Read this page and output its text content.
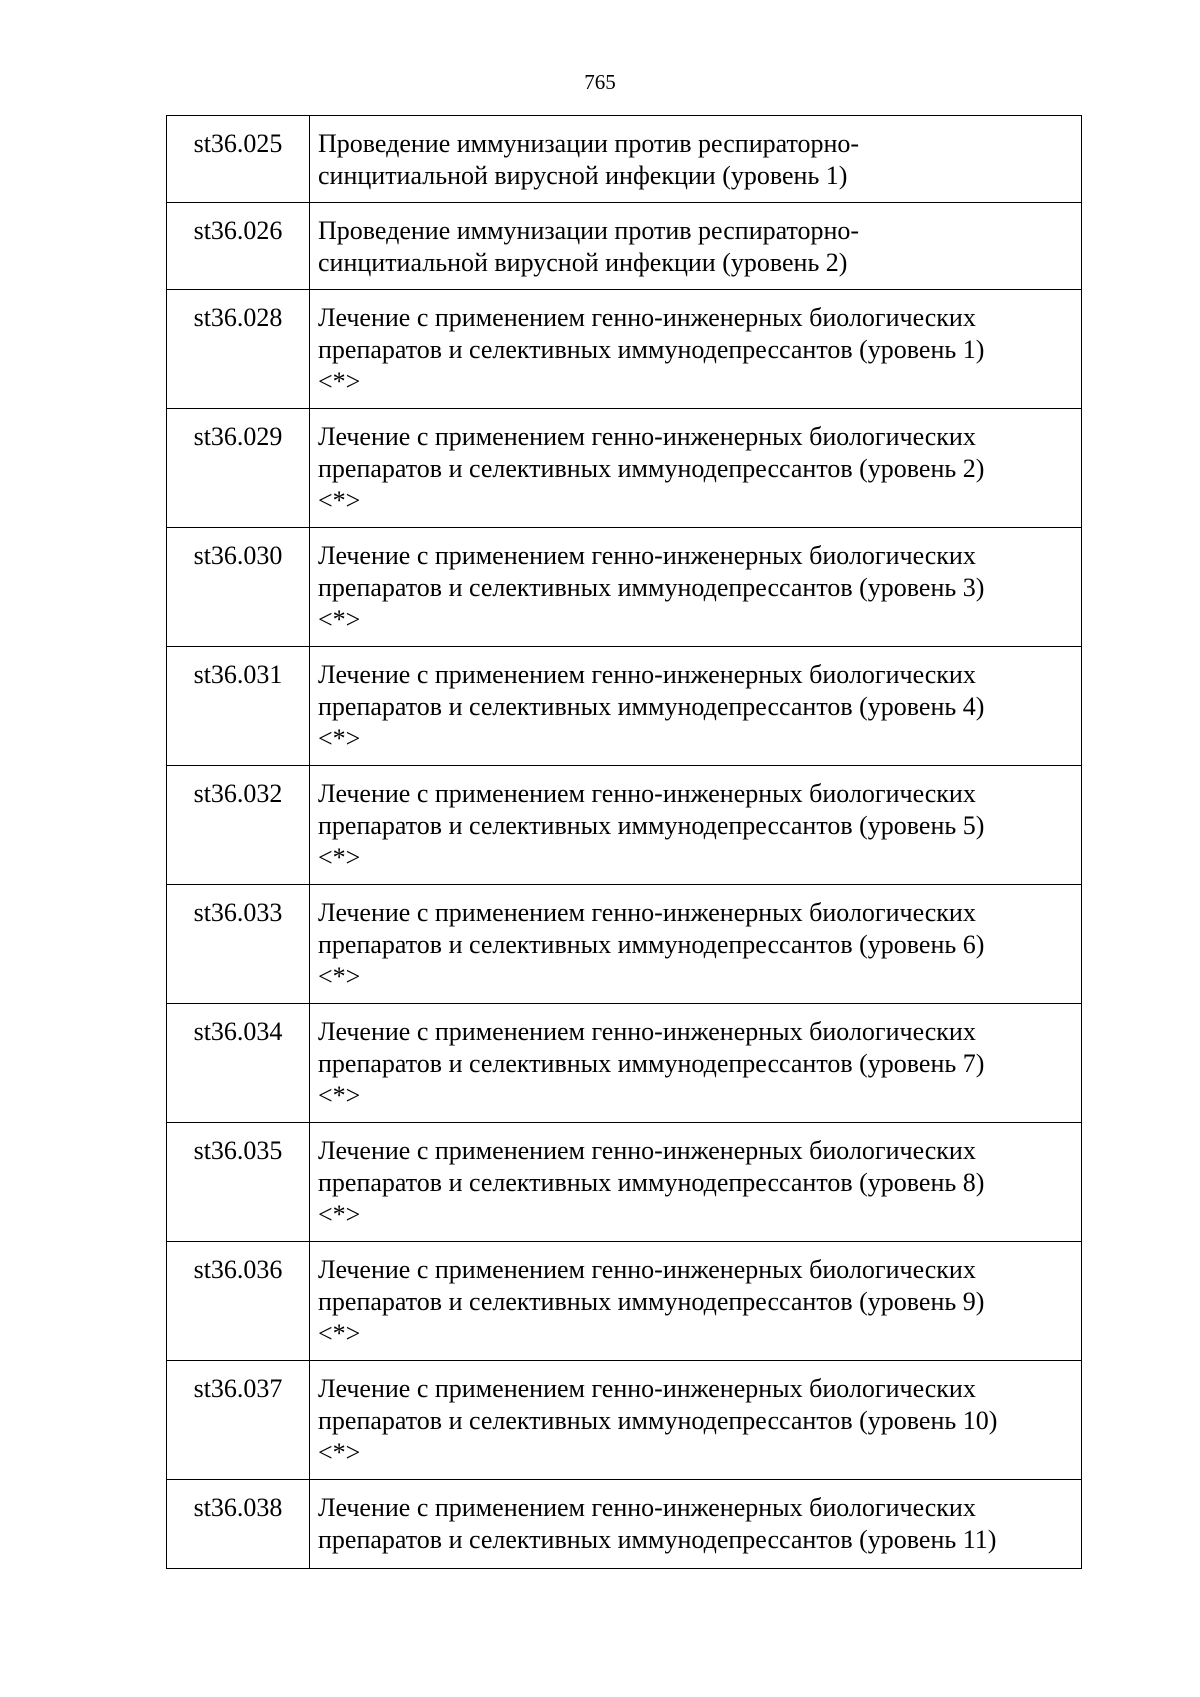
765
st36.025	Проведение иммунизации против респираторно-
синцитиальной вирусной инфекции (уровень 1)

st36.026	Проведение иммунизации против респираторно-
синцитиальной вирусной инфекции (уровень 2)

st36.028	Лечение с применением генно-инженерных биологических
препаратов и селективных иммунодепрессантов (уровень 1)
<*>

st36.029	Лечение с применением генно-инженерных биологических
препаратов и селективных иммунодепрессантов (уровень 2)
<*>

st36.030	Лечение с применением генно-инженерных биологических
препаратов и селективных иммунодепрессантов (уровень 3)
<*>

st36.031	Лечение с применением генно-инженерных биологических
препаратов и селективных иммунодепрессантов (уровень 4)
<*>

st36.032	Лечение с применением генно-инженерных биологических
препаратов и селективных иммунодепрессантов (уровень 5)
<*>

st36.033	Лечение с применением генно-инженерных биологических
препаратов и селективных иммунодепрессантов (уровень 6)
<*>

st36.034	Лечение с применением генно-инженерных биологических
препаратов и селективных иммунодепрессантов (уровень 7)
<*>

st36.035	Лечение с применением генно-инженерных биологических
препаратов и селективных иммунодепрессантов (уровень 8)
<*>

st36.036	Лечение с применением генно-инженерных биологических
препаратов и селективных иммунодепрессантов (уровень 9)
<*>

st36.037	Лечение с применением генно-инженерных биологических
препаратов и селективных иммунодепрессантов (уровень 10)
<*>

st36.038	Лечение с применением генно-инженерных биологических
препаратов и селективных иммунодепрессантов (уровень 11)
